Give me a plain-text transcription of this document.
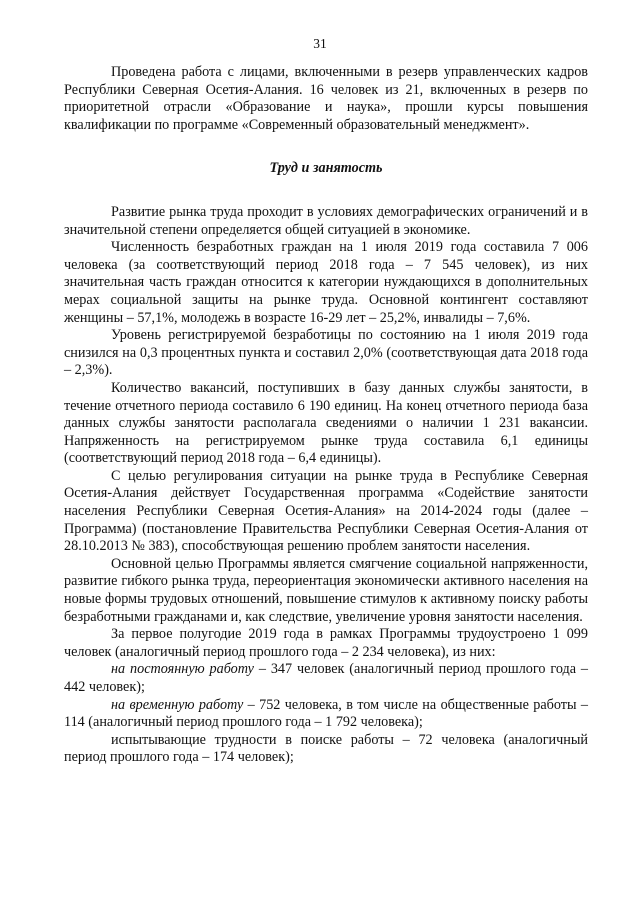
31

Проведена работа с лицами, включенными в резерв управленческих кадров Республики Северная Осетия-Алания. 16 человек из 21, включенных в резерв по приоритетной отрасли «Образование и наука», прошли курсы повышения квалификации по программе «Современный образовательный менеджмент».

Труд и занятость

Развитие рынка труда проходит в условиях демографических ограничений и в значительной степени определяется общей ситуацией в экономике.

Численность безработных граждан на 1 июля 2019 года составила 7 006 человека (за соответствующий период 2018 года – 7 545 человек), из них значительная часть граждан относится к категории нуждающихся в дополнительных мерах социальной защиты на рынке труда. Основной контингент составляют женщины – 57,1%, молодежь в возрасте 16-29 лет – 25,2%, инвалиды – 7,6%.

Уровень регистрируемой безработицы по состоянию на 1 июля 2019 года снизился на 0,3 процентных пункта и составил 2,0% (соответствующая дата 2018 года – 2,3%).

Количество вакансий, поступивших в базу данных службы занятости, в течение отчетного периода составило 6 190 единиц. На конец отчетного периода база данных службы занятости располагала сведениями о наличии 1 231 вакансии. Напряженность на регистрируемом рынке труда составила 6,1 единицы (соответствующий период 2018 года – 6,4 единицы).

С целью регулирования ситуации на рынке труда в Республике Северная Осетия-Алания действует Государственная программа «Содействие занятости населения Республики Северная Осетия-Алания» на 2014-2024 годы (далее – Программа) (постановление Правительства Республики Северная Осетия-Алания от 28.10.2013 № 383), способствующая решению проблем занятости населения.

Основной целью Программы является смягчение социальной напряженности, развитие гибкого рынка труда, переориентация экономически активного населения на новые формы трудовых отношений, повышение стимулов к активному поиску работы безработными гражданами и, как следствие, увеличение уровня занятости населения.

За первое полугодие 2019 года в рамках Программы трудоустроено 1 099 человек (аналогичный период прошлого года – 2 234 человека), из них:

на постоянную работу – 347 человек (аналогичный период прошлого года – 442 человек);

на временную работу – 752 человека, в том числе на общественные работы – 114 (аналогичный период прошлого года – 1 792 человека);

испытывающие трудности в поиске работы – 72 человека (аналогичный период прошлого года – 174 человек);
